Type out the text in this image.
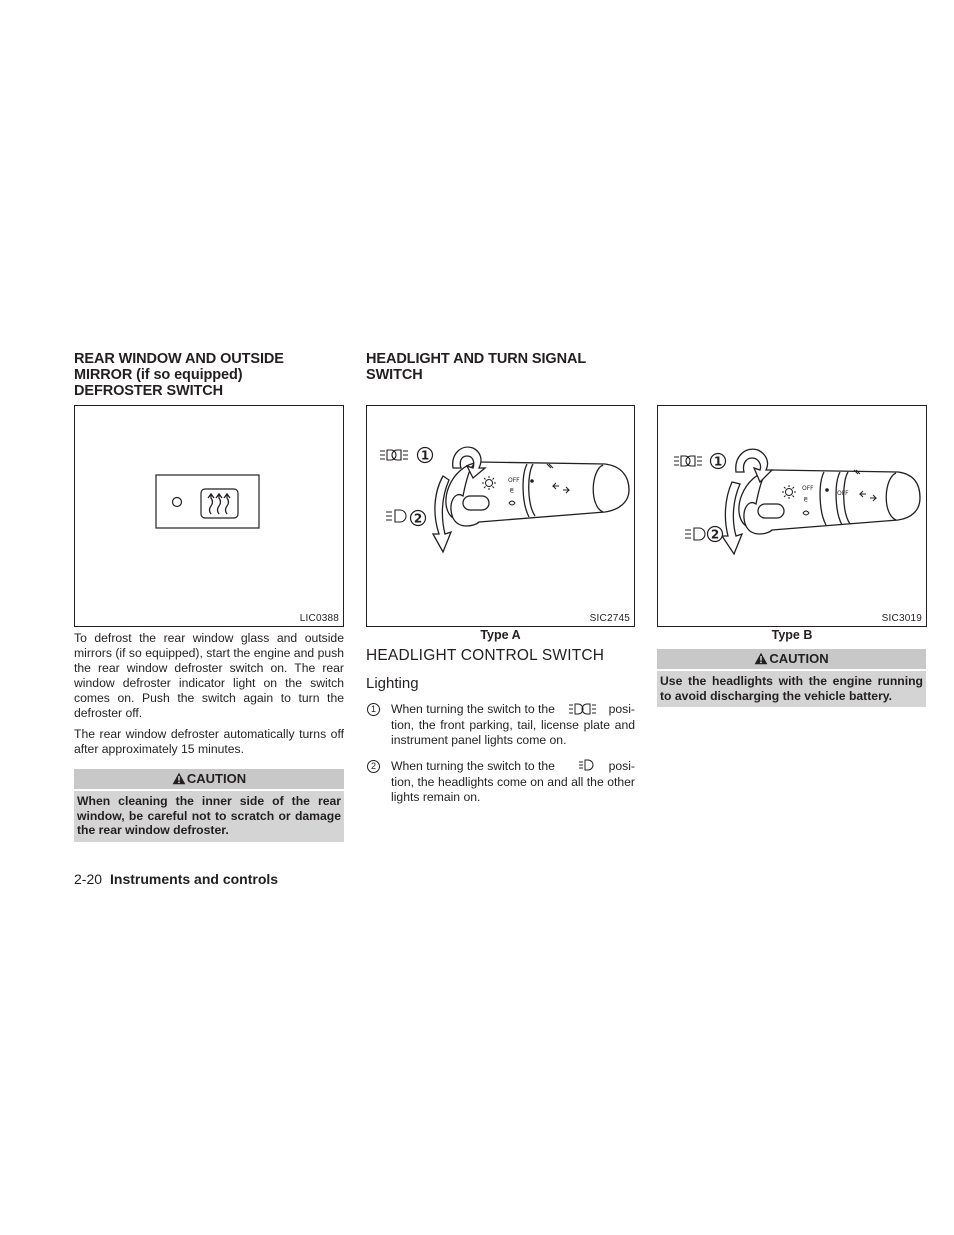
REAR WINDOW AND OUTSIDE
MIRROR (if so equipped)
DEFROSTER SWITCH
LIC0388
To defrost the rear window glass and outside mirrors (if so equipped), start the engine and push the rear window defroster switch on. The rear window defroster indicator light on the switch comes on. Push the switch again to turn the defroster off.
The rear window defroster automatically turns off after approximately 15 minutes.
CAUTION
When cleaning the inner side of the rear window, be careful not to scratch or damage the rear window defroster.
HEADLIGHT AND TURN SIGNAL
SWITCH
OFF
⋷
1
2
SIC2745
Type A
HEADLIGHT CONTROL SWITCH
Lighting
1	When turning the switch to the	posi-
tion, the front parking, tail, license plate and instrument panel lights come on.
2	When turning the switch to the	posi-
tion, the headlights come on and all the other lights remain on.
OFF
OFF
⋷
1
2
SIC3019
Type B
CAUTION
Use the headlights with the engine running to avoid discharging the vehicle battery.
2-20 Instruments and controls
